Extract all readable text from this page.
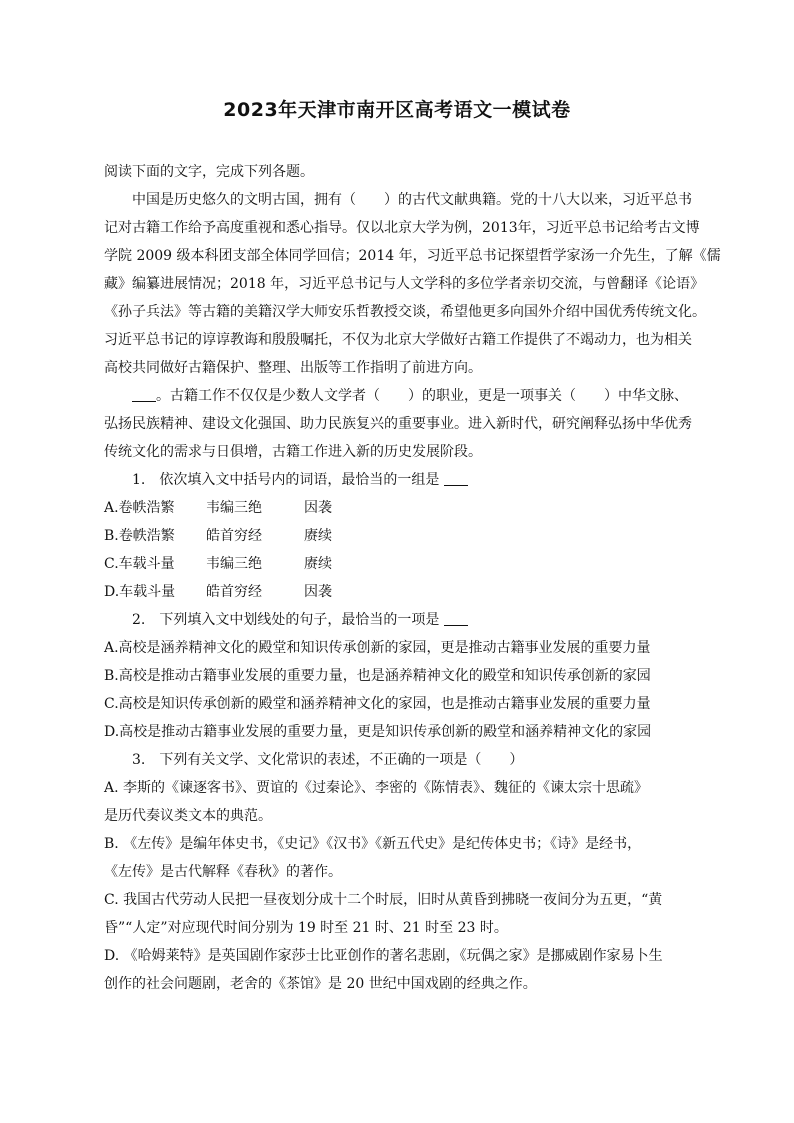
2023年天津市南开区高考语文一模试卷
阅读下面的文字，完成下列各题。
中国是历史悠久的文明古国，拥有（　　）的古代文献典籍。党的十八大以来，习近平总书
记对古籍工作给予高度重视和悉心指导。仅以北京大学为例，2013年，习近平总书记给考古文博
学院 2009 级本科团支部全体同学回信；2014 年，习近平总书记探望哲学家汤一介先生，了解《儒
藏》编纂进展情况；2018 年，习近平总书记与人文学科的多位学者亲切交流，与曾翻译《论语》
《孙子兵法》等古籍的美籍汉学大师安乐哲教授交谈，希望他更多向国外介绍中国优秀传统文化。
习近平总书记的谆谆教诲和殷殷嘱托，不仅为北京大学做好古籍工作提供了不竭动力，也为相关
高校共同做好古籍保护、整理、出版等工作指明了前进方向。
。古籍工作不仅仅是少数人文学者（　　）的职业，更是一项事关（　　）中华文脉、
弘扬民族精神、建设文化强国、助力民族复兴的重要事业。进入新时代，研究阐释弘扬中华优秀
传统文化的需求与日俱增，古籍工作进入新的历史发展阶段。
1.　依次填入文中括号内的词语，最恰当的一组是
A.卷帙浩繁	韦编三绝	因袭
B.卷帙浩繁	皓首穷经	赓续
C.车载斗量	韦编三绝	赓续
D.车载斗量	皓首穷经	因袭
2.　下列填入文中划线处的句子，最恰当的一项是
A.高校是涵养精神文化的殿堂和知识传承创新的家园，更是推动古籍事业发展的重要力量
B.高校是推动古籍事业发展的重要力量，也是涵养精神文化的殿堂和知识传承创新的家园
C.高校是知识传承创新的殿堂和涵养精神文化的家园，也是推动古籍事业发展的重要力量
D.高校是推动古籍事业发展的重要力量，更是知识传承创新的殿堂和涵养精神文化的家园
3.　下列有关文学、文化常识的表述，不正确的一项是（　　）
A. 李斯的《谏逐客书》、贾谊的《过秦论》、李密的《陈情表》、魏征的《谏太宗十思疏》
是历代奏议类文本的典范。
B. 《左传》是编年体史书，《史记》《汉书》《新五代史》是纪传体史书；《诗》是经书，
《左传》是古代解释《春秋》的著作。
C. 我国古代劳动人民把一昼夜划分成十二个时辰，旧时从黄昏到拂晓一夜间分为五更，“黄
昏”“人定”对应现代时间分别为 19 时至 21 时、21 时至 23 时。
D. 《哈姆莱特》是英国剧作家莎士比亚创作的著名悲剧，《玩偶之家》是挪威剧作家易卜生
创作的社会问题剧，老舍的《茶馆》是 20 世纪中国戏剧的经典之作。
